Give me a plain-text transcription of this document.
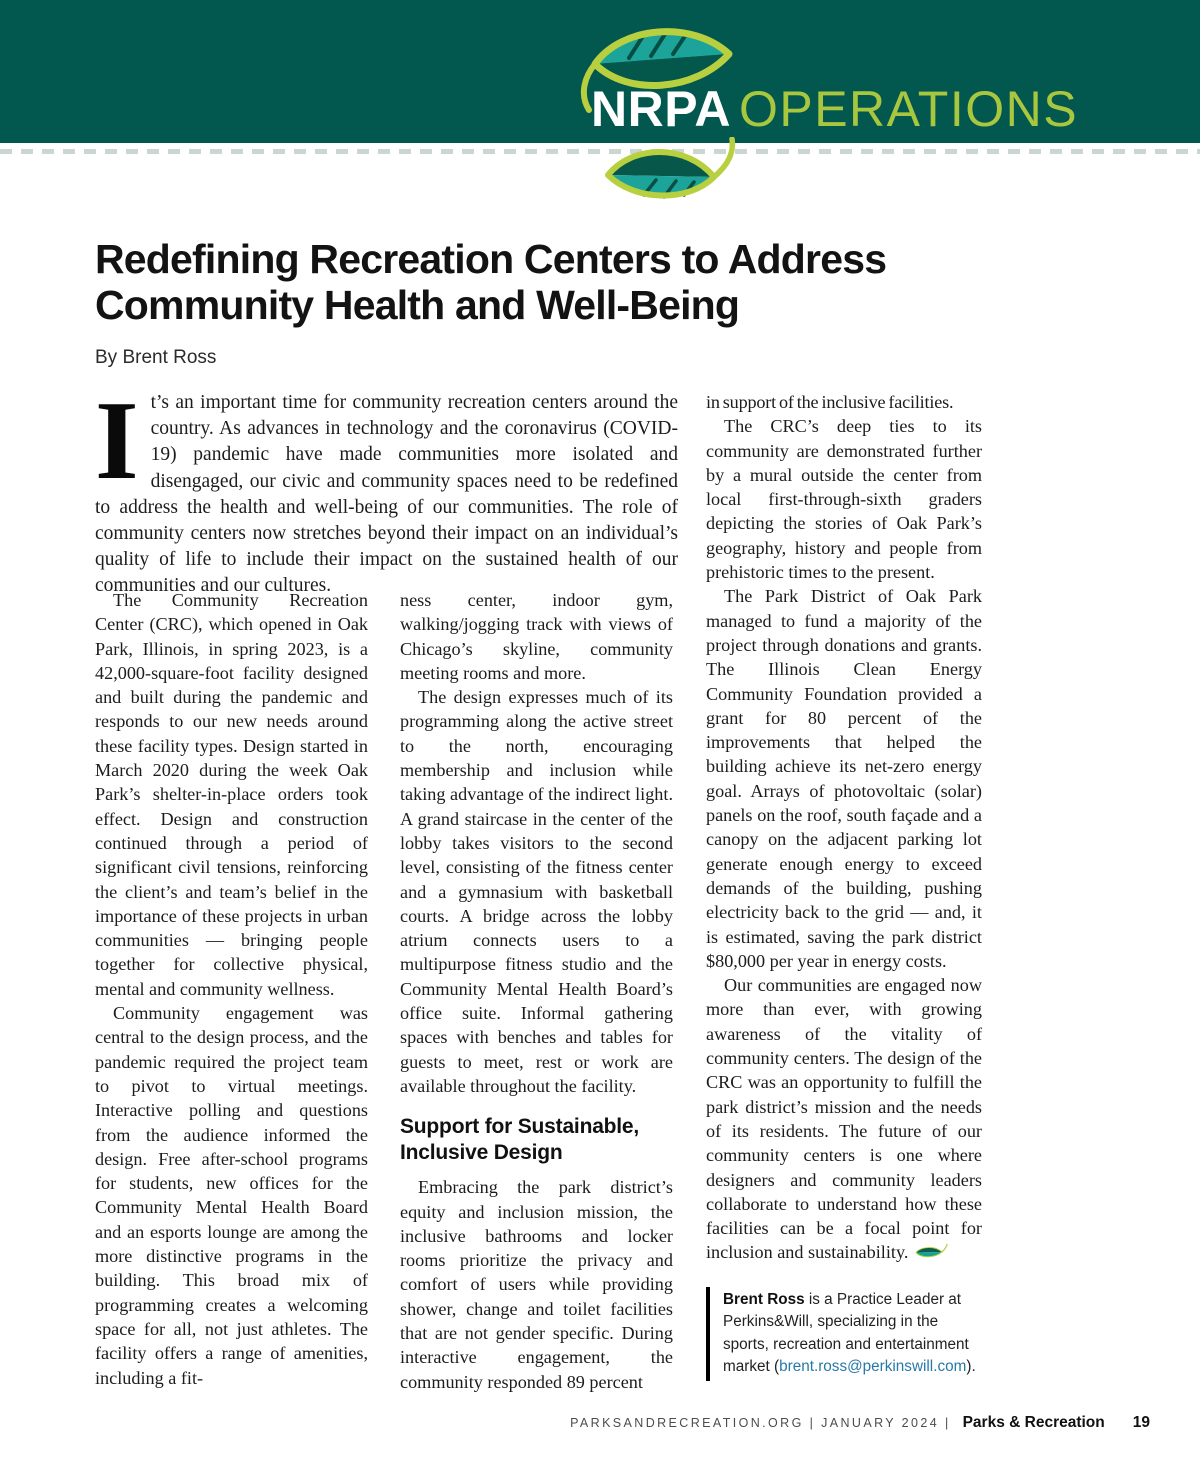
NRPA OPERATIONS
Redefining Recreation Centers to Address
Community Health and Well-Being
By Brent Ross
It’s an important time for community recreation centers around the country. As advances in technology and the coronavirus (COVID-19) pandemic have made communities more isolated and disengaged, our civic and community spaces need to be redefined to address the health and well-being of our communities. The role of community centers now stretches beyond their impact on an individual’s quality of life to include their impact on the sustained health of our communities and our cultures.

The Community Recreation Center (CRC), which opened in Oak Park, Illinois, in spring 2023, is a 42,000-square-foot facility designed and built during the pandemic and responds to our new needs around these facility types. Design started in March 2020 during the week Oak Park’s shelter-in-place orders took effect. Design and construction continued through a period of significant civil tensions, reinforcing the client’s and team’s belief in the importance of these projects in urban communities — bringing people together for collective physical, mental and community wellness.

Community engagement was central to the design process, and the pandemic required the project team to pivot to virtual meetings. Interactive polling and questions from the audience informed the design. Free after-school programs for students, new offices for the Community Mental Health Board and an esports lounge are among the more distinctive programs in the building. This broad mix of programming creates a welcoming space for all, not just athletes. The facility offers a range of amenities, including a fit-

ness center, indoor gym, walking/jogging track with views of Chicago’s skyline, community meeting rooms and more.

The design expresses much of its programming along the active street to the north, encouraging membership and inclusion while taking advantage of the indirect light. A grand staircase in the center of the lobby takes visitors to the second level, consisting of the fitness center and a gymnasium with basketball courts. A bridge across the lobby atrium connects users to a multipurpose fitness studio and the Community Mental Health Board’s office suite. Informal gathering spaces with benches and tables for guests to meet, rest or work are available throughout the facility.

Support for Sustainable, Inclusive Design

Embracing the park district’s equity and inclusion mission, the inclusive bathrooms and locker rooms prioritize the privacy and comfort of users while providing shower, change and toilet facilities that are not gender specific. During interactive engagement, the community responded 89 percent

in support of the inclusive facilities.

The CRC’s deep ties to its community are demonstrated further by a mural outside the center from local first-through-sixth graders depicting the stories of Oak Park’s geography, history and people from prehistoric times to the present.

The Park District of Oak Park managed to fund a majority of the project through donations and grants. The Illinois Clean Energy Community Foundation provided a grant for 80 percent of the improvements that helped the building achieve its net-zero energy goal. Arrays of photovoltaic (solar) panels on the roof, south façade and a canopy on the adjacent parking lot generate enough energy to exceed demands of the building, pushing electricity back to the grid — and, it is estimated, saving the park district $80,000 per year in energy costs.

Our communities are engaged now more than ever, with growing awareness of the vitality of community centers. The design of the CRC was an opportunity to fulfill the park district’s mission and the needs of its residents. The future of our community centers is one where designers and community leaders collaborate to understand how these facilities can be a focal point for inclusion and sustainability.

Brent Ross is a Practice Leader at Perkins&Will, specializing in the sports, recreation and entertainment market (brent.ross@perkinswill.com).
PARKSANDRECREATION.ORG | JANUARY 2024 | Parks & Recreation 19
